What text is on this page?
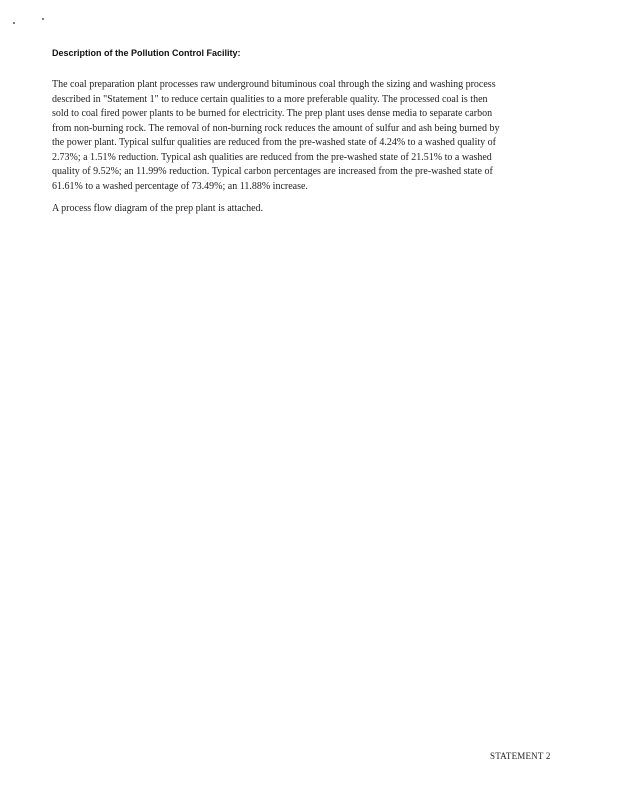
Description of the Pollution Control Facility:
The coal preparation plant processes raw underground bituminous coal through the sizing and washing process
described in "Statement 1" to reduce certain qualities to a more preferable quality. The processed coal is then
sold to coal fired power plants to be burned for electricity. The prep plant uses dense media to separate carbon
from non-burning rock. The removal of non-burning rock reduces the amount of sulfur and ash being burned by
the power plant. Typical sulfur qualities are reduced from the pre-washed state of 4.24% to a washed quality of
2.73%; a 1.51% reduction. Typical ash qualities are reduced from the pre-washed state of 21.51% to a washed
quality of 9.52%; an 11.99% reduction. Typical carbon percentages are increased from the pre-washed state of
61.61% to a washed percentage of 73.49%; an 11.88% increase.
A process flow diagram of the prep plant is attached.
STATEMENT 2
